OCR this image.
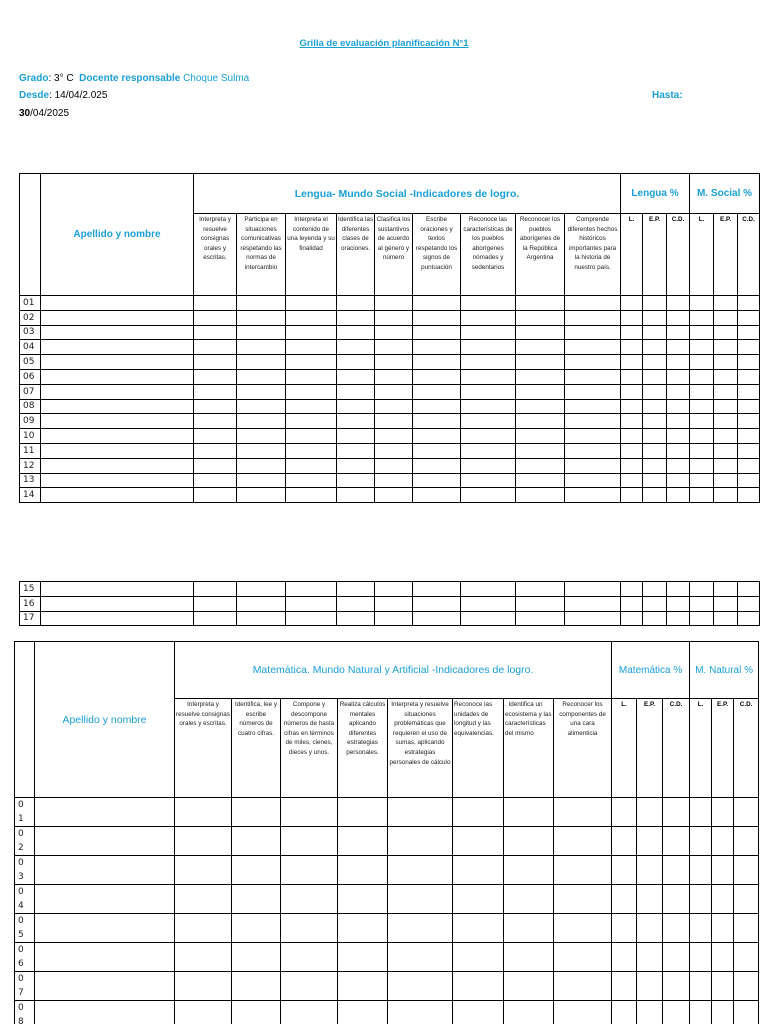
Grilla de evaluación planificación N°1
Grado: 3° C Docente responsable Choque Sulma
Desde: 14/04/2.025	Hasta:
30/04/2025
	Apellido y nombre	Lengua- Mundo Social -Indicadores de logro.									Lengua %			M. Social %		
		Interpreta y resuelve consignas orales y escritas.	Participa en situaciones comunicativas respetando las normas de intercambio	Interpreta el contenido de una leyenda y su finalidad	Identifica las diferentes clases de oraciones.	Clasifica los sustantivos de acuerdo al género y número	Escribe oraciones y textos respetando los signos de puntuación	Reconoce las características de los pueblos aborígenes nómades y sedentarios	Reconocer los pueblos aborígenes de la República Argentina	Comprende diferentes hechos históricos importantes para la historia de nuestro país.	L.	E.P.	C.D.	L.	E.P.	C.D.
01																
02																
03																
04																
05																
06																
07																
08																
09																
10																
11																
12																
13																
14																
15																
16																
17																
	Apellido y nombre	Matemática. Mundo Natural y Artificial -Indicadores de logro.								Matemática %			M. Natural %		
		Interpreta y resuelve consignas orales y escritas.	Identifica, lee y escribe números de cuatro cifras.	Compone y descompone números de hasta cifras en términos de miles, cienes, dieces y unos.	Realiza cálculos mentales aplicando diferentes estrategias personales.	Interpreta y resuelve situaciones problemáticas que requieren el uso de sumas, aplicando estrategias personales de cálculo	Reconoce las unidades de longitud y las equivalencias.	. Identifica un ecosistema y las características del mismo	Reconocer los componentes de una cara alimenticia	L.	E.P.	C.D.	L.	E.P.	C.D.

0
1															

0
2															

0
3															

0
4															

0
5															

0
6															

0
7															

0
8															
